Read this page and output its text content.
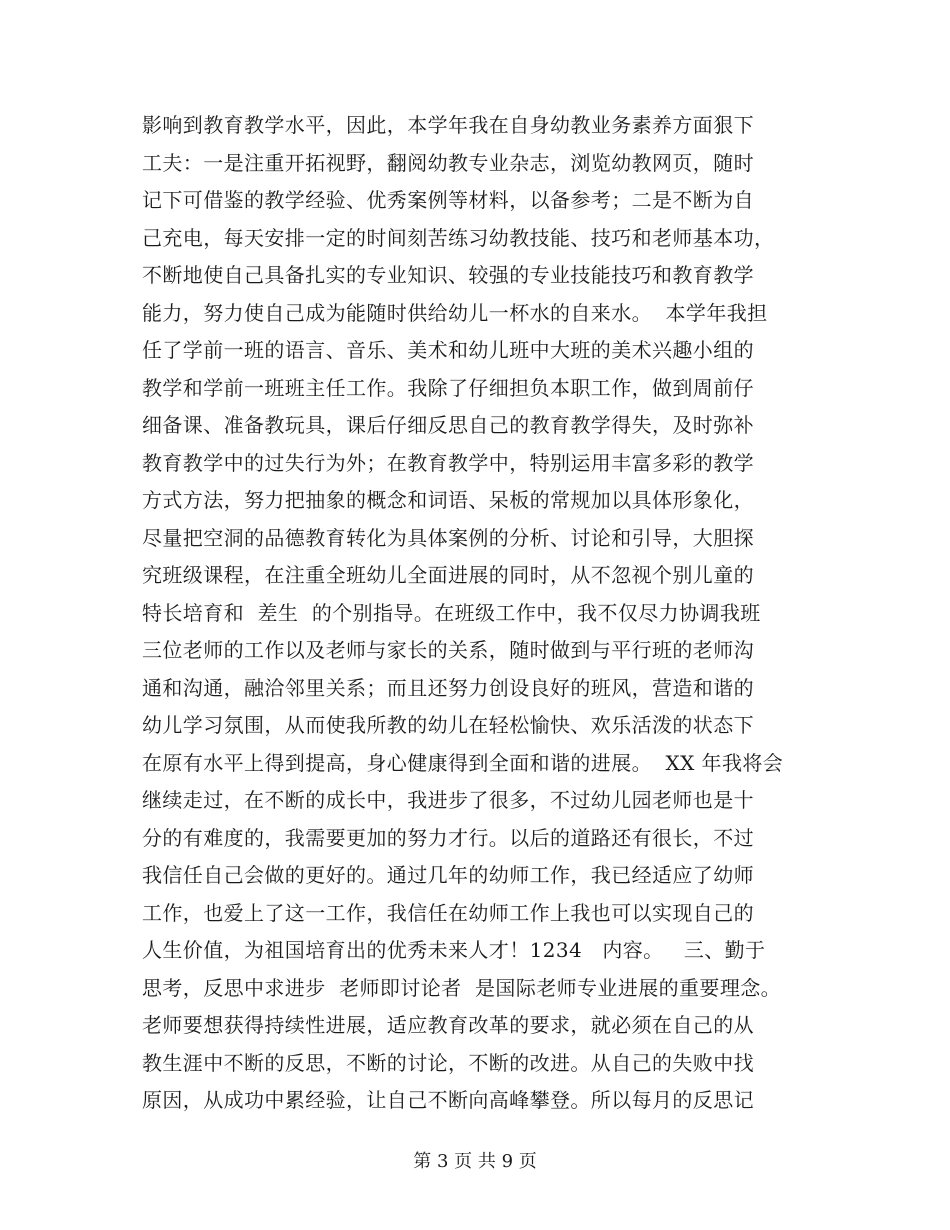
影响到教育教学水平，因此，本学年我在自身幼教业务素养方面狠下
工夫：一是注重开拓视野，翻阅幼教专业杂志，浏览幼教网页，随时
记下可借鉴的教学经验、优秀案例等材料，以备参考；二是不断为自
己充电，每天安排一定的时间刻苦练习幼教技能、技巧和老师基本功，
不断地使自己具备扎实的专业知识、较强的专业技能技巧和教育教学
能力，努力使自己成为能随时供给幼儿一杯水的自来水。  本学年我担
任了学前一班的语言、音乐、美术和幼儿班中大班的美术兴趣小组的
教学和学前一班班主任工作。我除了仔细担负本职工作，做到周前仔
细备课、准备教玩具，课后仔细反思自己的教育教学得失，及时弥补
教育教学中的过失行为外；在教育教学中，特别运用丰富多彩的教学
方式方法，努力把抽象的概念和词语、呆板的常规加以具体形象化，
尽量把空洞的品德教育转化为具体案例的分析、讨论和引导，大胆探
究班级课程，在注重全班幼儿全面进展的同时，从不忽视个别儿童的
特长培育和  差生  的个别指导。在班级工作中，我不仅尽力协调我班
三位老师的工作以及老师与家长的关系，随时做到与平行班的老师沟
通和沟通，融洽邻里关系；而且还努力创设良好的班风，营造和谐的
幼儿学习氛围，从而使我所教的幼儿在轻松愉快、欢乐活泼的状态下
在原有水平上得到提高，身心健康得到全面和谐的进展。  XX 年我将会
继续走过，在不断的成长中，我进步了很多，不过幼儿园老师也是十
分的有难度的，我需要更加的努力才行。以后的道路还有很长，不过
我信任自己会做的更好的。通过几年的幼师工作，我已经适应了幼师
工作，也爱上了这一工作，我信任在幼师工作上我也可以实现自己的
人生价值，为祖国培育出的优秀未来人才！1234   内容。   三、勤于
思考，反思中求进步  老师即讨论者  是国际老师专业进展的重要理念。
老师要想获得持续性进展，适应教育改革的要求，就必须在自己的从
教生涯中不断的反思，不断的讨论，不断的改进。从自己的失败中找
原因，从成功中累经验，让自己不断向高峰攀登。所以每月的反思记
第 3 页 共 9 页
